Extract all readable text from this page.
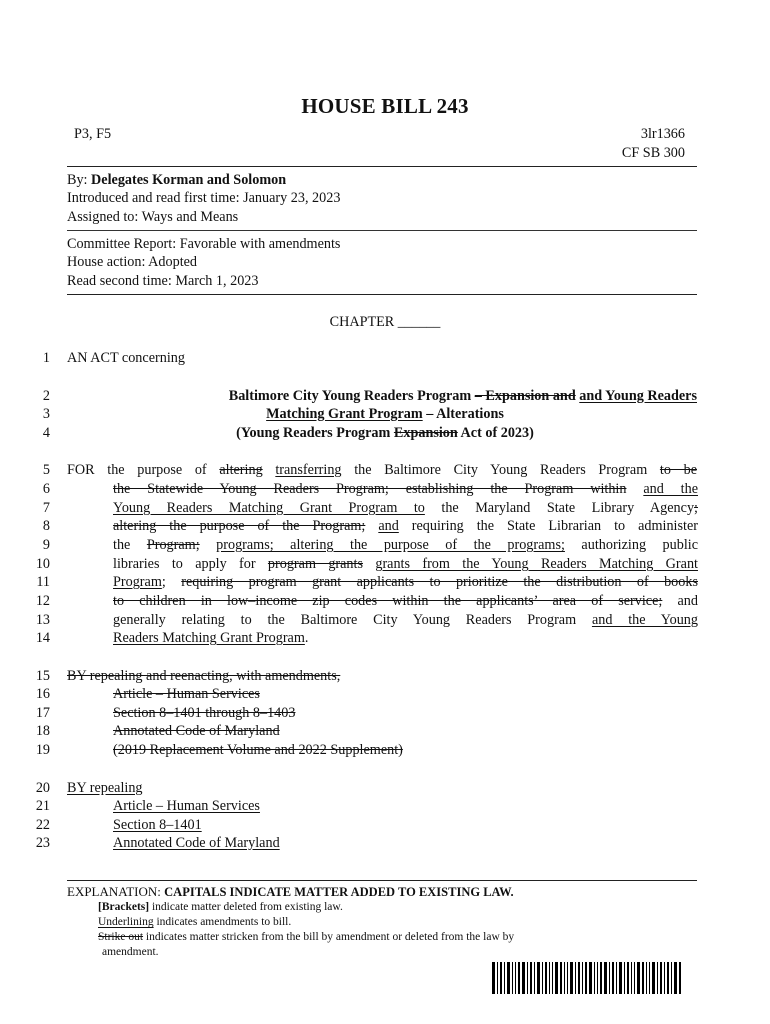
HOUSE BILL 243
P3, F5	3lr1366
CF SB 300
By: Delegates Korman and Solomon
Introduced and read first time: January 23, 2023
Assigned to: Ways and Means
Committee Report: Favorable with amendments
House action: Adopted
Read second time: March 1, 2023
CHAPTER ______
1
2
3
4
5
6
7
8
9
10
11
12
13
14
15
16
17
18
19
20
21
22
23
AN ACT concerning
Baltimore City Young Readers Program – Expansion and and Young Readers
Matching Grant Program – Alterations
(Young Readers Program Expansion Act of 2023)
FOR the purpose of altering transferring the Baltimore City Young Readers Program to be
the Statewide Young Readers Program; establishing the Program within and the
Young Readers Matching Grant Program to the Maryland State Library Agency;
altering the purpose of the Program; and requiring the State Librarian to administer
the Program; programs; altering the purpose of the programs; authorizing public
libraries to apply for program grants grants from the Young Readers Matching Grant
Program; requiring program grant applicants to prioritize the distribution of books
to children in low–income zip codes within the applicants’ area of service; and
generally relating to the Baltimore City Young Readers Program and the Young
Readers Matching Grant Program.
BY repealing and reenacting, with amendments,
Article – Human Services
Section 8–1401 through 8–1403
Annotated Code of Maryland
(2019 Replacement Volume and 2022 Supplement)
BY repealing
Article – Human Services
Section 8–1401
Annotated Code of Maryland
EXPLANATION: CAPITALS INDICATE MATTER ADDED TO EXISTING LAW.
[Brackets] indicate matter deleted from existing law.
Underlining indicates amendments to bill.
Strike out indicates matter stricken from the bill by amendment or deleted from the law by
amendment.
